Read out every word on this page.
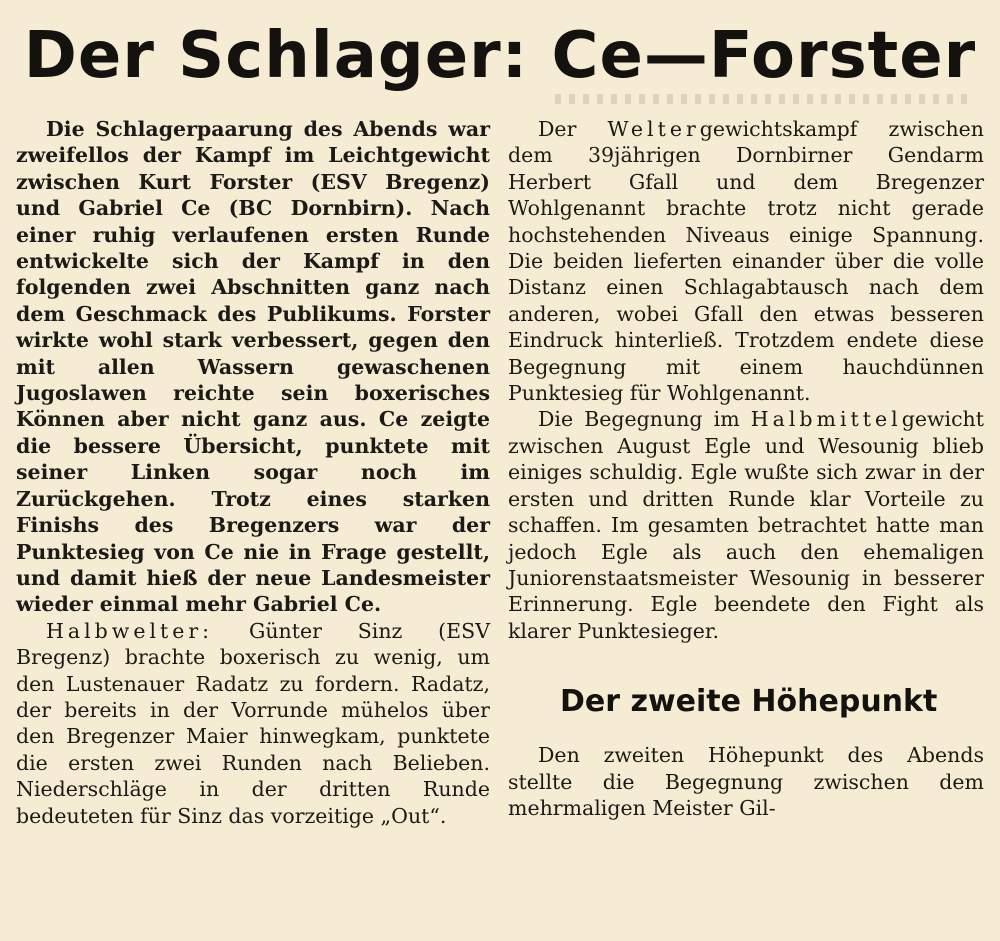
Der Schlager: Ce—Forster

Die Schlagerpaarung des Abends war zweifellos der Kampf im Leichtgewicht zwischen Kurt Forster (ESV Bregenz) und Gabriel Ce (BC Dornbirn). Nach einer ruhig verlaufenen ersten Runde entwickelte sich der Kampf in den folgenden zwei Abschnitten ganz nach dem Geschmack des Publikums. Forster wirkte wohl stark verbessert, gegen den mit allen Wassern gewaschenen Jugoslawen reichte sein boxerisches Können aber nicht ganz aus. Ce zeigte die bessere Übersicht, punktete mit seiner Linken sogar noch im Zurückgehen. Trotz eines starken Finishs des Bregenzers war der Punktesieg von Ce nie in Frage gestellt, und damit hieß der neue Landesmeister wieder einmal mehr Gabriel Ce.

Halbwelter: Günter Sinz (ESV Bregenz) brachte boxerisch zu wenig, um den Lustenauer Radatz zu fordern. Radatz, der bereits in der Vorrunde mühelos über den Bregenzer Maier hinwegkam, punktete die ersten zwei Runden nach Belieben. Niederschläge in der dritten Runde bedeuteten für Sinz das vorzeitige „Out“.

Der Weltergewichtskampf zwischen dem 39jährigen Dornbirner Gendarm Herbert Gfall und dem Bregenzer Wohlgenannt brachte trotz nicht gerade hochstehenden Niveaus einige Spannung. Die beiden lieferten einander über die volle Distanz einen Schlagabtausch nach dem anderen, wobei Gfall den etwas besseren Eindruck hinterließ. Trotzdem endete diese Begegnung mit einem hauchdünnen Punktesieg für Wohlgenannt.

Die Begegnung im Halbmittelgewicht zwischen August Egle und Wesounig blieb einiges schuldig. Egle wußte sich zwar in der ersten und dritten Runde klar Vorteile zu schaffen. Im gesamten betrachtet hatte man jedoch Egle als auch den ehemaligen Juniorenstaatsmeister Wesounig in besserer Erinnerung. Egle beendete den Fight als klarer Punktesieger.

Der zweite Höhepunkt

Den zweiten Höhepunkt des Abends stellte die Begegnung zwischen dem mehrmaligen Meister Gil-
